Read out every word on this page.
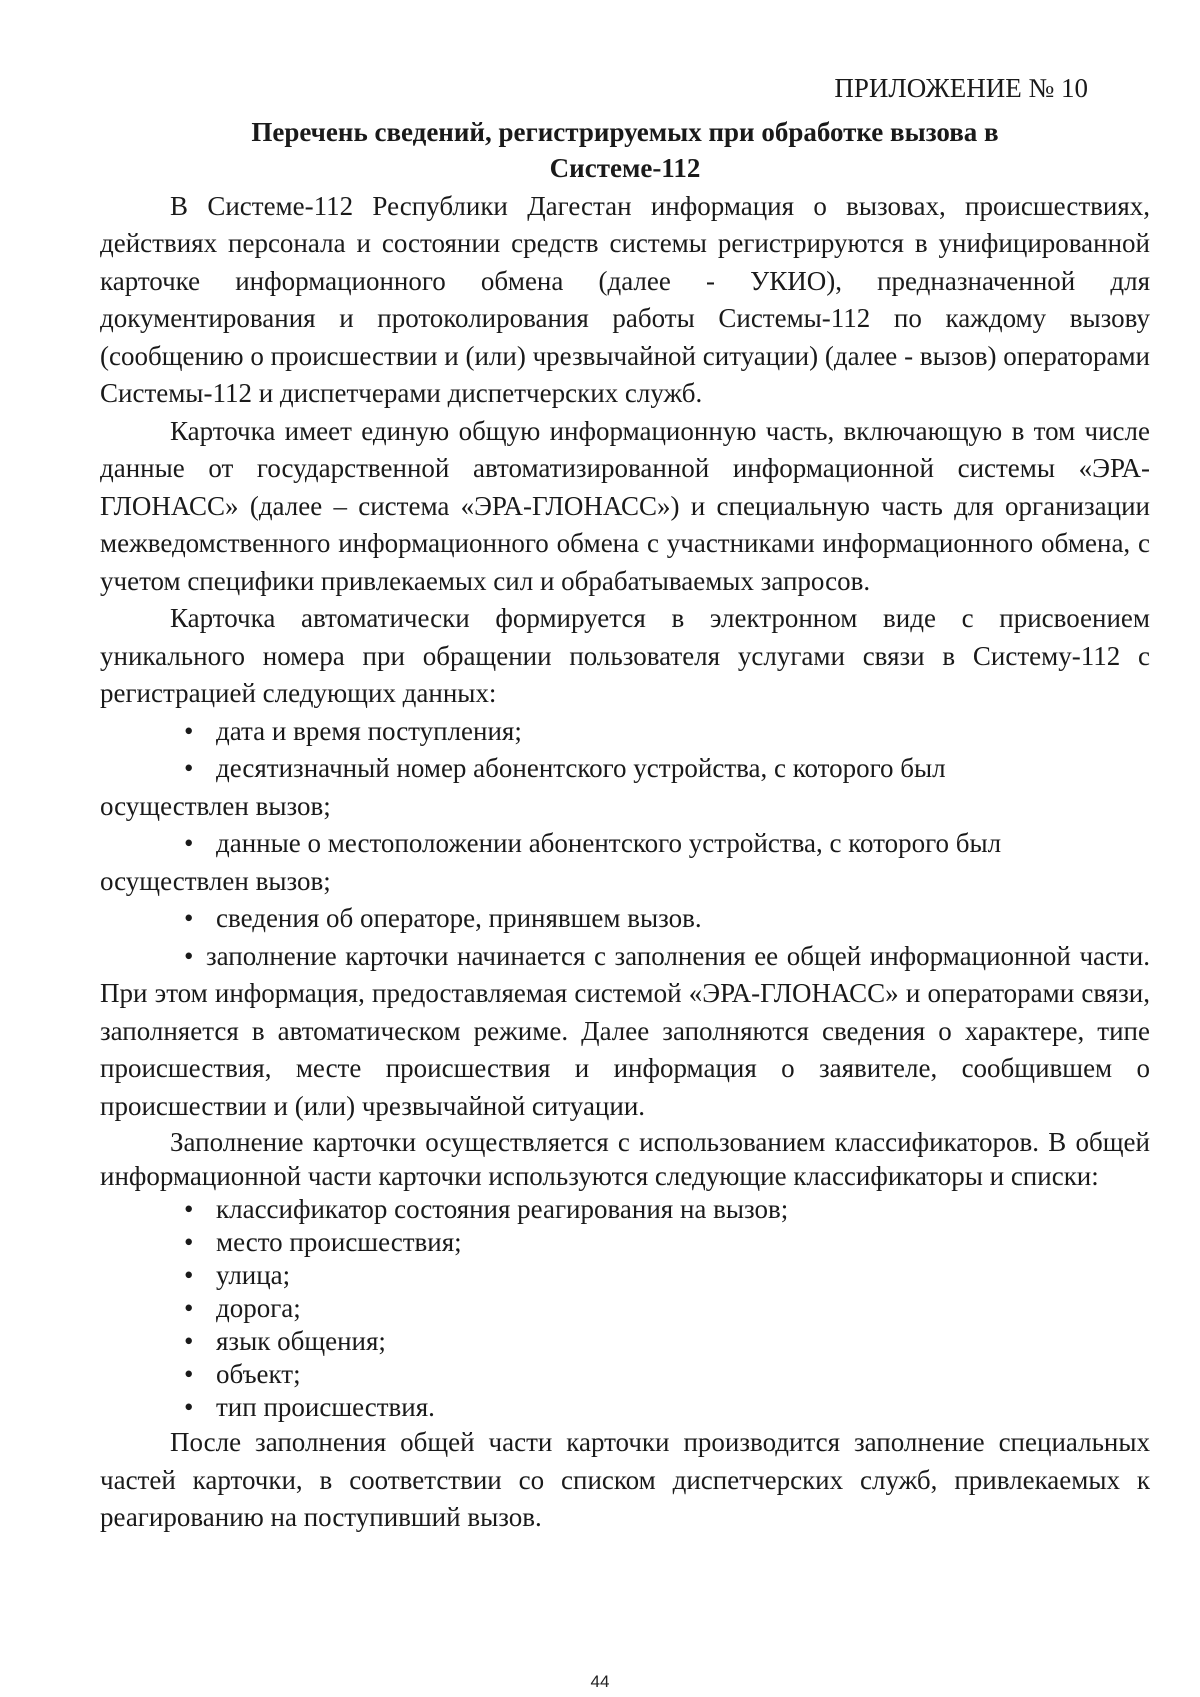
ПРИЛОЖЕНИЕ № 10
Перечень сведений, регистрируемых при обработке вызова в
Системе-112

В Системе-112 Республики Дагестан информация о вызовах, происшествиях, действиях персонала и состоянии средств системы регистрируются в унифицированной карточке информационного обмена (далее - УКИО), предназначенной для документирования и протоколирования работы Системы-112 по каждому вызову (сообщению о происшествии и (или) чрезвычайной ситуации) (далее - вызов) операторами Системы-112 и диспетчерами диспетчерских служб.

Карточка имеет единую общую информационную часть, включающую в том числе данные от государственной автоматизированной информационной системы «ЭРА-ГЛОНАСС» (далее – система «ЭРА-ГЛОНАСС») и специальную часть для организации межведомственного информационного обмена с участниками информационного обмена, с учетом специфики привлекаемых сил и обрабатываемых запросов.

Карточка автоматически формируется в электронном виде с присвоением уникального номера при обращении пользователя услугами связи в Систему-112 с регистрацией следующих данных:

• дата и время поступления;
• десятизначный номер абонентского устройства, с которого был
осуществлен вызов;
• данные о местоположении абонентского устройства, с которого был
осуществлен вызов;
• сведения об операторе, принявшем вызов.

• заполнение карточки начинается с заполнения ее общей информационной части. При этом информация, предоставляемая системой «ЭРА-ГЛОНАСС» и операторами связи, заполняется в автоматическом режиме. Далее заполняются сведения о характере, типе происшествия, месте происшествия и информация о заявителе, сообщившем о происшествии и (или) чрезвычайной ситуации.

Заполнение карточки осуществляется с использованием классификаторов. В общей информационной части карточки используются следующие классификаторы и списки:

• классификатор состояния реагирования на вызов;
• место происшествия;
• улица;
• дорога;
• язык общения;
• объект;
• тип происшествия.

После заполнения общей части карточки производится заполнение специальных частей карточки, в соответствии со списком диспетчерских служб, привлекаемых к реагированию на поступивший вызов.

44
